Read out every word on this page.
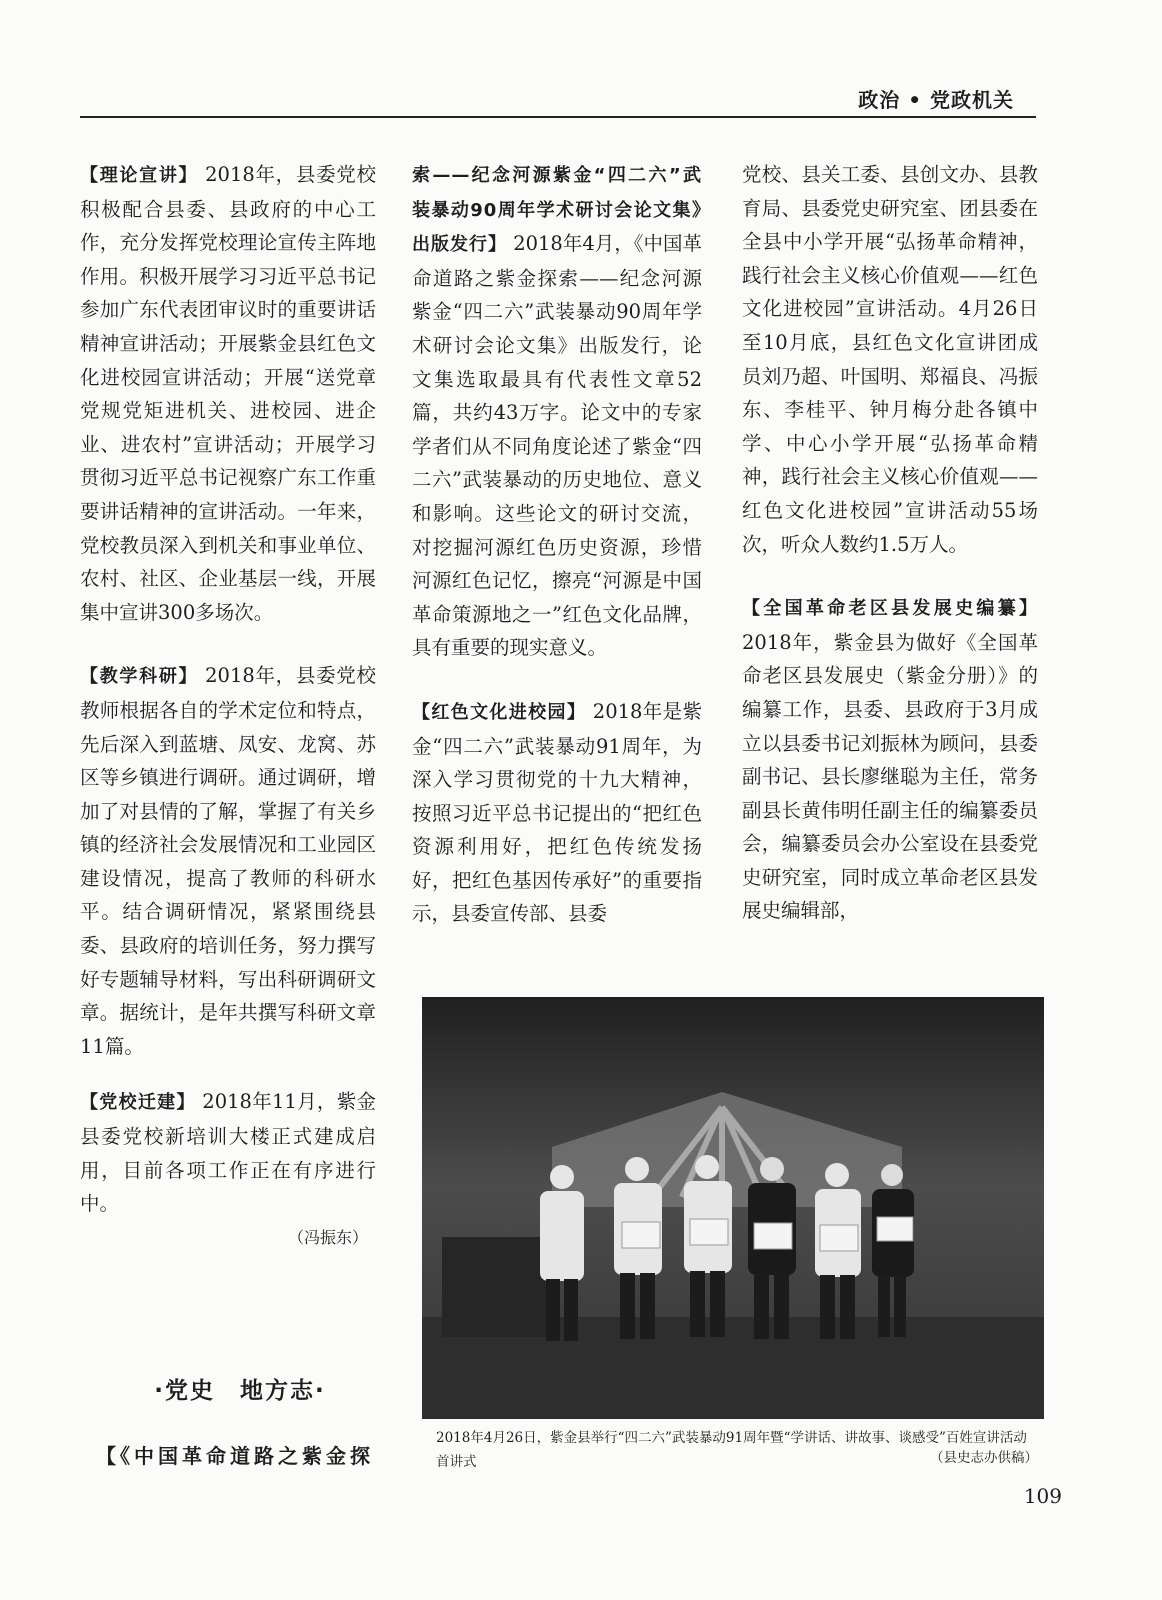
政治 • 党政机关

【理论宣讲】 2018年，县委党校积极配合县委、县政府的中心工作，充分发挥党校理论宣传主阵地作用。积极开展学习习近平总书记参加广东代表团审议时的重要讲话精神宣讲活动；开展紫金县红色文化进校园宣讲活动；开展“送党章党规党矩进机关、进校园、进企业、进农村”宣讲活动；开展学习贯彻习近平总书记视察广东工作重要讲话精神的宣讲活动。一年来，党校教员深入到机关和事业单位、农村、社区、企业基层一线，开展集中宣讲300多场次。

【教学科研】 2018年，县委党校教师根据各自的学术定位和特点，先后深入到蓝塘、凤安、龙窝、苏区等乡镇进行调研。通过调研，增加了对县情的了解，掌握了有关乡镇的经济社会发展情况和工业园区建设情况，提高了教师的科研水平。结合调研情况，紧紧围绕县委、县政府的培训任务，努力撰写好专题辅导材料，写出科研调研文章。据统计，是年共撰写科研文章11篇。

【党校迁建】 2018年11月，紫金县委党校新培训大楼正式建成启用，目前各项工作正在有序进行中。

（冯振东）

·党史　地方志·
【《中国革命道路之紫金探

索——纪念河源紫金“四二六”武装暴动90周年学术研讨会论文集》出版发行】 2018年4月，《中国革命道路之紫金探索——纪念河源紫金“四二六”武装暴动90周年学术研讨会论文集》出版发行，论文集选取最具有代表性文章52篇，共约43万字。论文中的专家学者们从不同角度论述了紫金“四二六”武装暴动的历史地位、意义和影响。这些论文的研讨交流，对挖掘河源红色历史资源，珍惜河源红色记忆，擦亮“河源是中国革命策源地之一”红色文化品牌，具有重要的现实意义。

【红色文化进校园】 2018年是紫金“四二六”武装暴动91周年，为深入学习贯彻党的十九大精神，按照习近平总书记提出的“把红色资源利用好，把红色传统发扬好，把红色基因传承好”的重要指示，县委宣传部、县委

党校、县关工委、县创文办、县教育局、县委党史研究室、团县委在全县中小学开展“弘扬革命精神，践行社会主义核心价值观——红色文化进校园”宣讲活动。4月26日至10月底，县红色文化宣讲团成员刘乃超、叶国明、郑福良、冯振东、李桂平、钟月梅分赴各镇中学、中心小学开展“弘扬革命精神，践行社会主义核心价值观——红色文化进校园”宣讲活动55场次，听众人数约1.5万人。

【全国革命老区县发展史编纂】 2018年，紫金县为做好《全国革命老区县发展史（紫金分册）》的编纂工作，县委、县政府于3月成立以县委书记刘振林为顾问，县委副书记、县长廖继聪为主任，常务副县长黄伟明任副主任的编纂委员会，编纂委员会办公室设在县委党史研究室，同时成立革命老区县发展史编辑部，

2018年4月26日，紫金县举行“四二六”武装暴动91周年暨“学讲话、讲故事、谈感受”百姓宣讲活动首讲式	（县史志办供稿）
109
